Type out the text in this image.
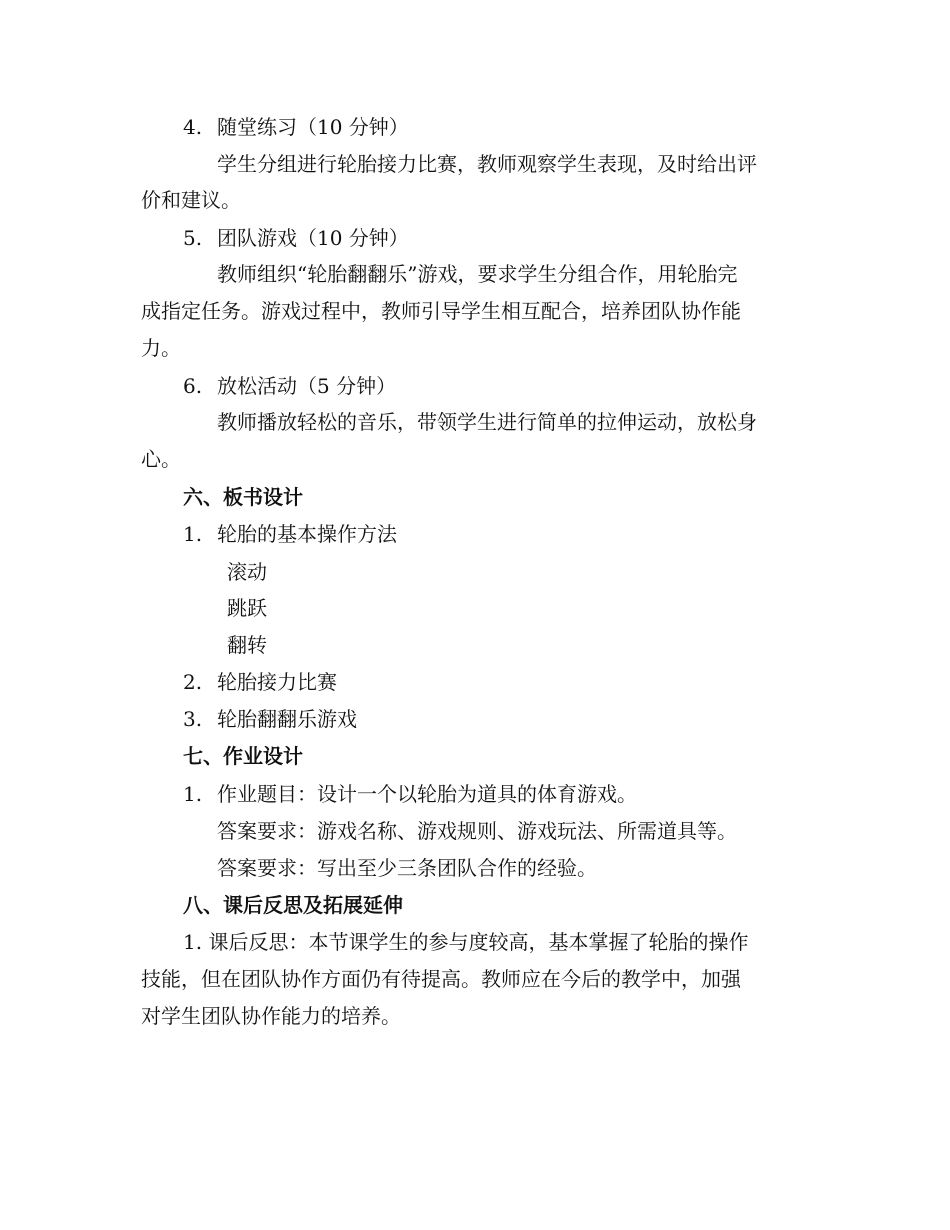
4. 随堂练习（10 分钟）
学生分组进行轮胎接力比赛，教师观察学生表现，及时给出评
价和建议。
5. 团队游戏（10 分钟）
教师组织“轮胎翻翻乐”游戏，要求学生分组合作，用轮胎完
成指定任务。游戏过程中，教师引导学生相互配合，培养团队协作能
力。
6. 放松活动（5 分钟）
教师播放轻松的音乐，带领学生进行简单的拉伸运动，放松身
心。
六、板书设计
1. 轮胎的基本操作方法
滚动
跳跃
翻转
2. 轮胎接力比赛
3. 轮胎翻翻乐游戏
七、作业设计
1. 作业题目：设计一个以轮胎为道具的体育游戏。
答案要求：游戏名称、游戏规则、游戏玩法、所需道具等。
答案要求：写出至少三条团队合作的经验。
八、课后反思及拓展延伸
1. 课后反思：本节课学生的参与度较高，基本掌握了轮胎的操作
技能，但在团队协作方面仍有待提高。教师应在今后的教学中，加强
对学生团队协作能力的培养。
